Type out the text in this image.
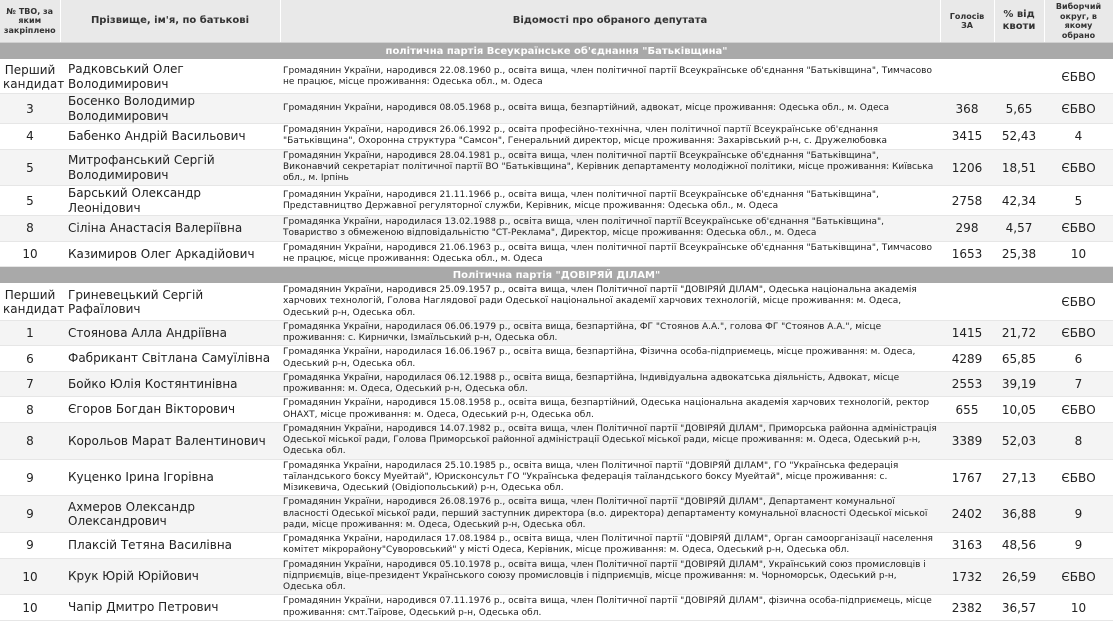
№ ТВО, за яким закріплено	Прізвище, ім'я, по батькові	Відомості про обраного депутата	Голосів ЗА	% від квоти	Виборчий округ, в якому обрано
політична партія Всеукраїнське об'єднання "Батьківщина"					
Перший кандидат	Радковський Олег Володимирович	Громадянин України, народився 22.08.1960 р., освіта вища, член політичної партії Всеукраїнське об'єднання "Батьківщина", Тимчасово не працює, місце проживання: Одеська обл., м. Одеса			ЄБВО
3	Босенко Володимир Володимирович	Громадянин України, народився 08.05.1968 р., освіта вища, безпартійний, адвокат, місце проживання: Одеська обл., м. Одеса	368	5,65	ЄБВО
4	Бабенко Андрій Васильович	Громадянин України, народився 26.06.1992 р., освіта професійно-технічна, член політичної партії Всеукраїнське об'єднання "Батьківщина", Охоронна структура "Самсон", Генеральний директор, місце проживання: Захарівський р-н, с. Дружелюбовка	3415	52,43	4
5	Митрофанський Сергій Володимирович	Громадянин України, народився 28.04.1981 р., освіта вища, член політичної партії Всеукраїнське об'єднання "Батьківщина", Виконавчий секретаріат політичної партії ВО "Батьківщина", Керівник департаменту молодіжної політики, місце проживання: Київська обл., м. Ірпінь	1206	18,51	ЄБВО
5	Барський Олександр Леонідович	Громадянин України, народився 21.11.1966 р., освіта вища, член політичної партії Всеукраїнське об'єднання "Батьківщина", Представництво Державної регуляторної служби, Керівник, місце проживання: Одеська обл., м. Одеса	2758	42,34	5
8	Сіліна Анастасія Валеріївна	Громадянка України, народилася 13.02.1988 р., освіта вища, член політичної партії Всеукраїнське об'єднання "Батьківщина", Товариство з обмеженою відповідальністю "СТ-Реклама", Директор, місце проживання: Одеська обл., м. Одеса	298	4,57	ЄБВО
10	Казимиров Олег Аркадійович	Громадянин України, народився 21.06.1963 р., освіта вища, член політичної партії Всеукраїнське об'єднання "Батьківщина", Тимчасово не працює, місце проживання: Одеська обл., м. Одеса	1653	25,38	10
Політична партія "ДОВІРЯЙ ДІЛАМ"					
Перший кандидат	Гриневецький Сергій Рафаїлович	Громадянин України, народився 25.09.1957 р., освіта вища, член Політичної партії "ДОВІРЯЙ ДІЛАМ", Одеська національна академія харчових технологій, Голова Наглядової ради Одеської національної академії харчових технологій, місце проживання: м. Одеса, Одеський р-н, Одеська обл.			ЄБВО
1	Стоянова Алла Андріївна	Громадянка України, народилася 06.06.1979 р., освіта вища, безпартійна, ФГ "Стоянов А.А.", голова ФГ "Стоянов А.А.", місце проживання: с. Кирнички, Ізмаїльський р-н, Одеська обл.	1415	21,72	ЄБВО
6	Фабрикант Світлана Самуїлівна	Громадянка України, народилася 16.06.1967 р., освіта вища, безпартійна, Фізична особа-підприємець, місце проживання: м. Одеса, Одеський р-н, Одеська обл.	4289	65,85	6
7	Бойко Юлія Костянтинівна	Громадянка України, народилася 06.12.1988 р., освіта вища, безпартійна, Індивідуальна адвокатська діяльність, Адвокат, місце проживання: м. Одеса, Одеський р-н, Одеська обл.	2553	39,19	7
8	Єгоров Богдан Вікторович	Громадянин України, народився 15.08.1958 р., освіта вища, безпартійний, Одеська національна академія харчових технологій, ректор ОНАХТ, місце проживання: м. Одеса, Одеський р-н, Одеська обл.	655	10,05	ЄБВО
8	Корольов Марат Валентинович	Громадянин України, народився 14.07.1982 р., освіта вища, член Політичної партії "ДОВІРЯЙ ДІЛАМ", Приморська районна адміністрація Одеської міської ради, Голова Приморської районної адміністрації Одеської міської ради, місце проживання: м. Одеса, Одеський р-н, Одеська обл.	3389	52,03	8
9	Куценко Ірина Ігорівна	Громадянка України, народилася 25.10.1985 р., освіта вища, член Політичної партії "ДОВІРЯЙ ДІЛАМ", ГО "Українська федерація таїландського боксу Муейтай", Юрисконсульт ГО "Українська федерація таїландського боксу Муейтай", місце проживання: с. Мізикевича, Одеський (Овідіопольський) р-н, Одеська обл.	1767	27,13	ЄБВО
9	Ахмеров Олександр Олександрович	Громадянин України, народився 26.08.1976 р., освіта вища, член Політичної партії "ДОВІРЯЙ ДІЛАМ", Департамент комунальної власності Одеської міської ради, перший заступник директора (в.о. директора) департаменту комунальної власності Одеської міської ради, місце проживання: м. Одеса, Одеський р-н, Одеська обл.	2402	36,88	9
9	Плаксій Тетяна Василівна	Громадянка України, народилася 17.08.1984 р., освіта вища, член Політичної партії "ДОВІРЯЙ ДІЛАМ", Орган самоорганізації населення комітет мікрорайону"Суворовський" у місті Одеса, Керівник, місце проживання: м. Одеса, Одеський р-н, Одеська обл.	3163	48,56	9
10	Крук Юрій Юрійович	Громадянин України, народився 05.10.1978 р., освіта вища, член Політичної партії "ДОВІРЯЙ ДІЛАМ", Український союз промисловців і підприємців, віце-президент Українського союзу промисловців і підприємців, місце проживання: м. Чорноморськ, Одеський р-н, Одеська обл.	1732	26,59	ЄБВО
10	Чапір Дмитро Петрович	Громадянин України, народився 07.11.1976 р., освіта вища, член Політичної партії "ДОВІРЯЙ ДІЛАМ", фізична особа-підприємець, місце проживання: смт.Таїрове, Одеський р-н, Одеська обл.	2382	36,57	10
